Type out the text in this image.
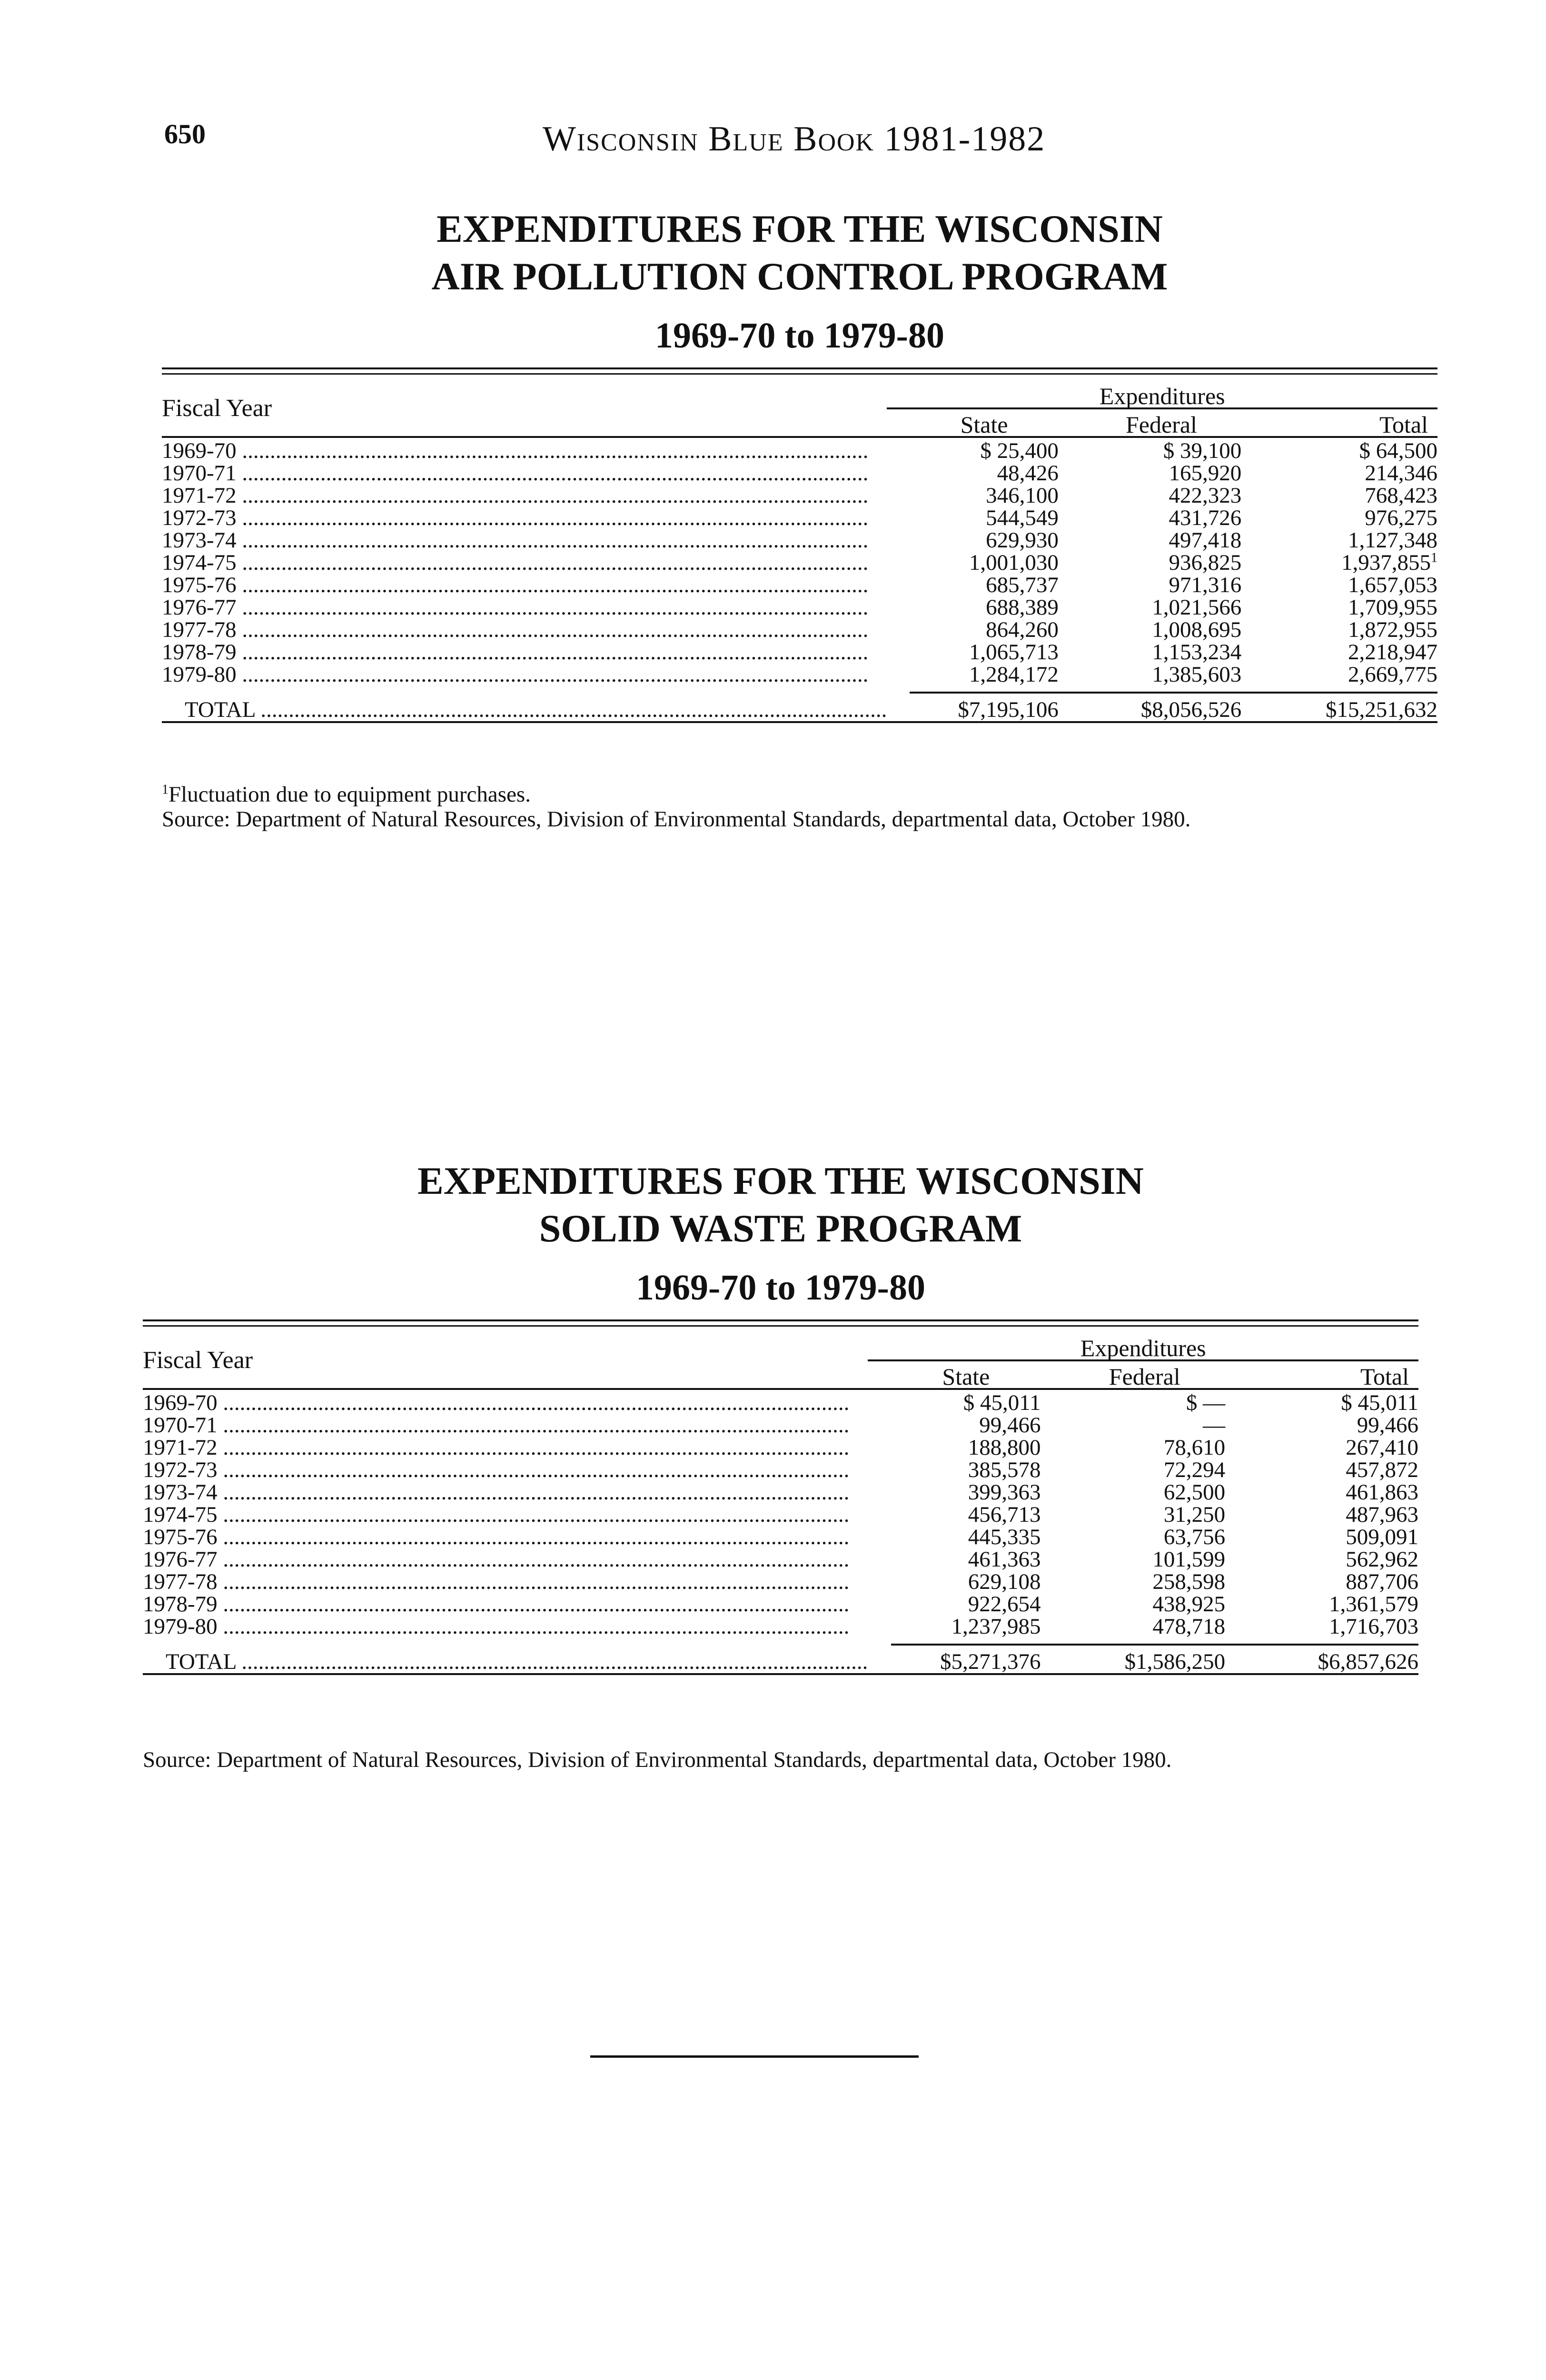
650	Wisconsin Blue Book 1981-1982
EXPENDITURES FOR THE WISCONSIN
AIR POLLUTION CONTROL PROGRAM
1969-70 to 1979-80
Fiscal Year	Expenditures					
		State		Federal		Total

1969-70 .....		$ 25,400		$ 39,100		$ 64,500
1970-71 .....		48,426		165,920		214,346
1971-72 .....		346,100		422,323		768,423
1972-73 .....		544,549		431,726		976,275
1973-74 .....		629,930		497,418		1,127,348
1974-75 .....		1,001,030		936,825		1,937,855$^1$
1975-76 .....		685,737		971,316		1,657,053
1976-77 .....		688,389		1,021,566		1,709,955
1977-78 .....		864,260		1,008,695		1,872,955
1978-79 .....		1,065,713		1,153,234		2,218,947
1979-80 .....		1,284,172		1,385,603		2,669,775

TOTAL .....		$7,195,106		$8,056,526		$15,251,632

$^1$Fluctuation due to equipment purchases.
Source: Department of Natural Resources, Division of Environmental Standards, departmental data, October 1980.
EXPENDITURES FOR THE WISCONSIN
SOLID WASTE PROGRAM
1969-70 to 1979-80
Fiscal Year	Expenditures					
		State		Federal		Total

1969-70 .....		$ 45,011		$ —		$ 45,011
1970-71 .....		99,466		—		99,466
1971-72 .....		188,800		78,610		267,410
1972-73 .....		385,578		72,294		457,872
1973-74 .....		399,363		62,500		461,863
1974-75 .....		456,713		31,250		487,963
1975-76 .....		445,335		63,756		509,091
1976-77 .....		461,363		101,599		562,962
1977-78 .....		629,108		258,598		887,706
1978-79 .....		922,654		438,925		1,361,579
1979-80 .....		1,237,985		478,718		1,716,703

TOTAL .....		$5,271,376		$1,586,250		$6,857,626

Source: Department of Natural Resources, Division of Environmental Standards, departmental data, October 1980.
